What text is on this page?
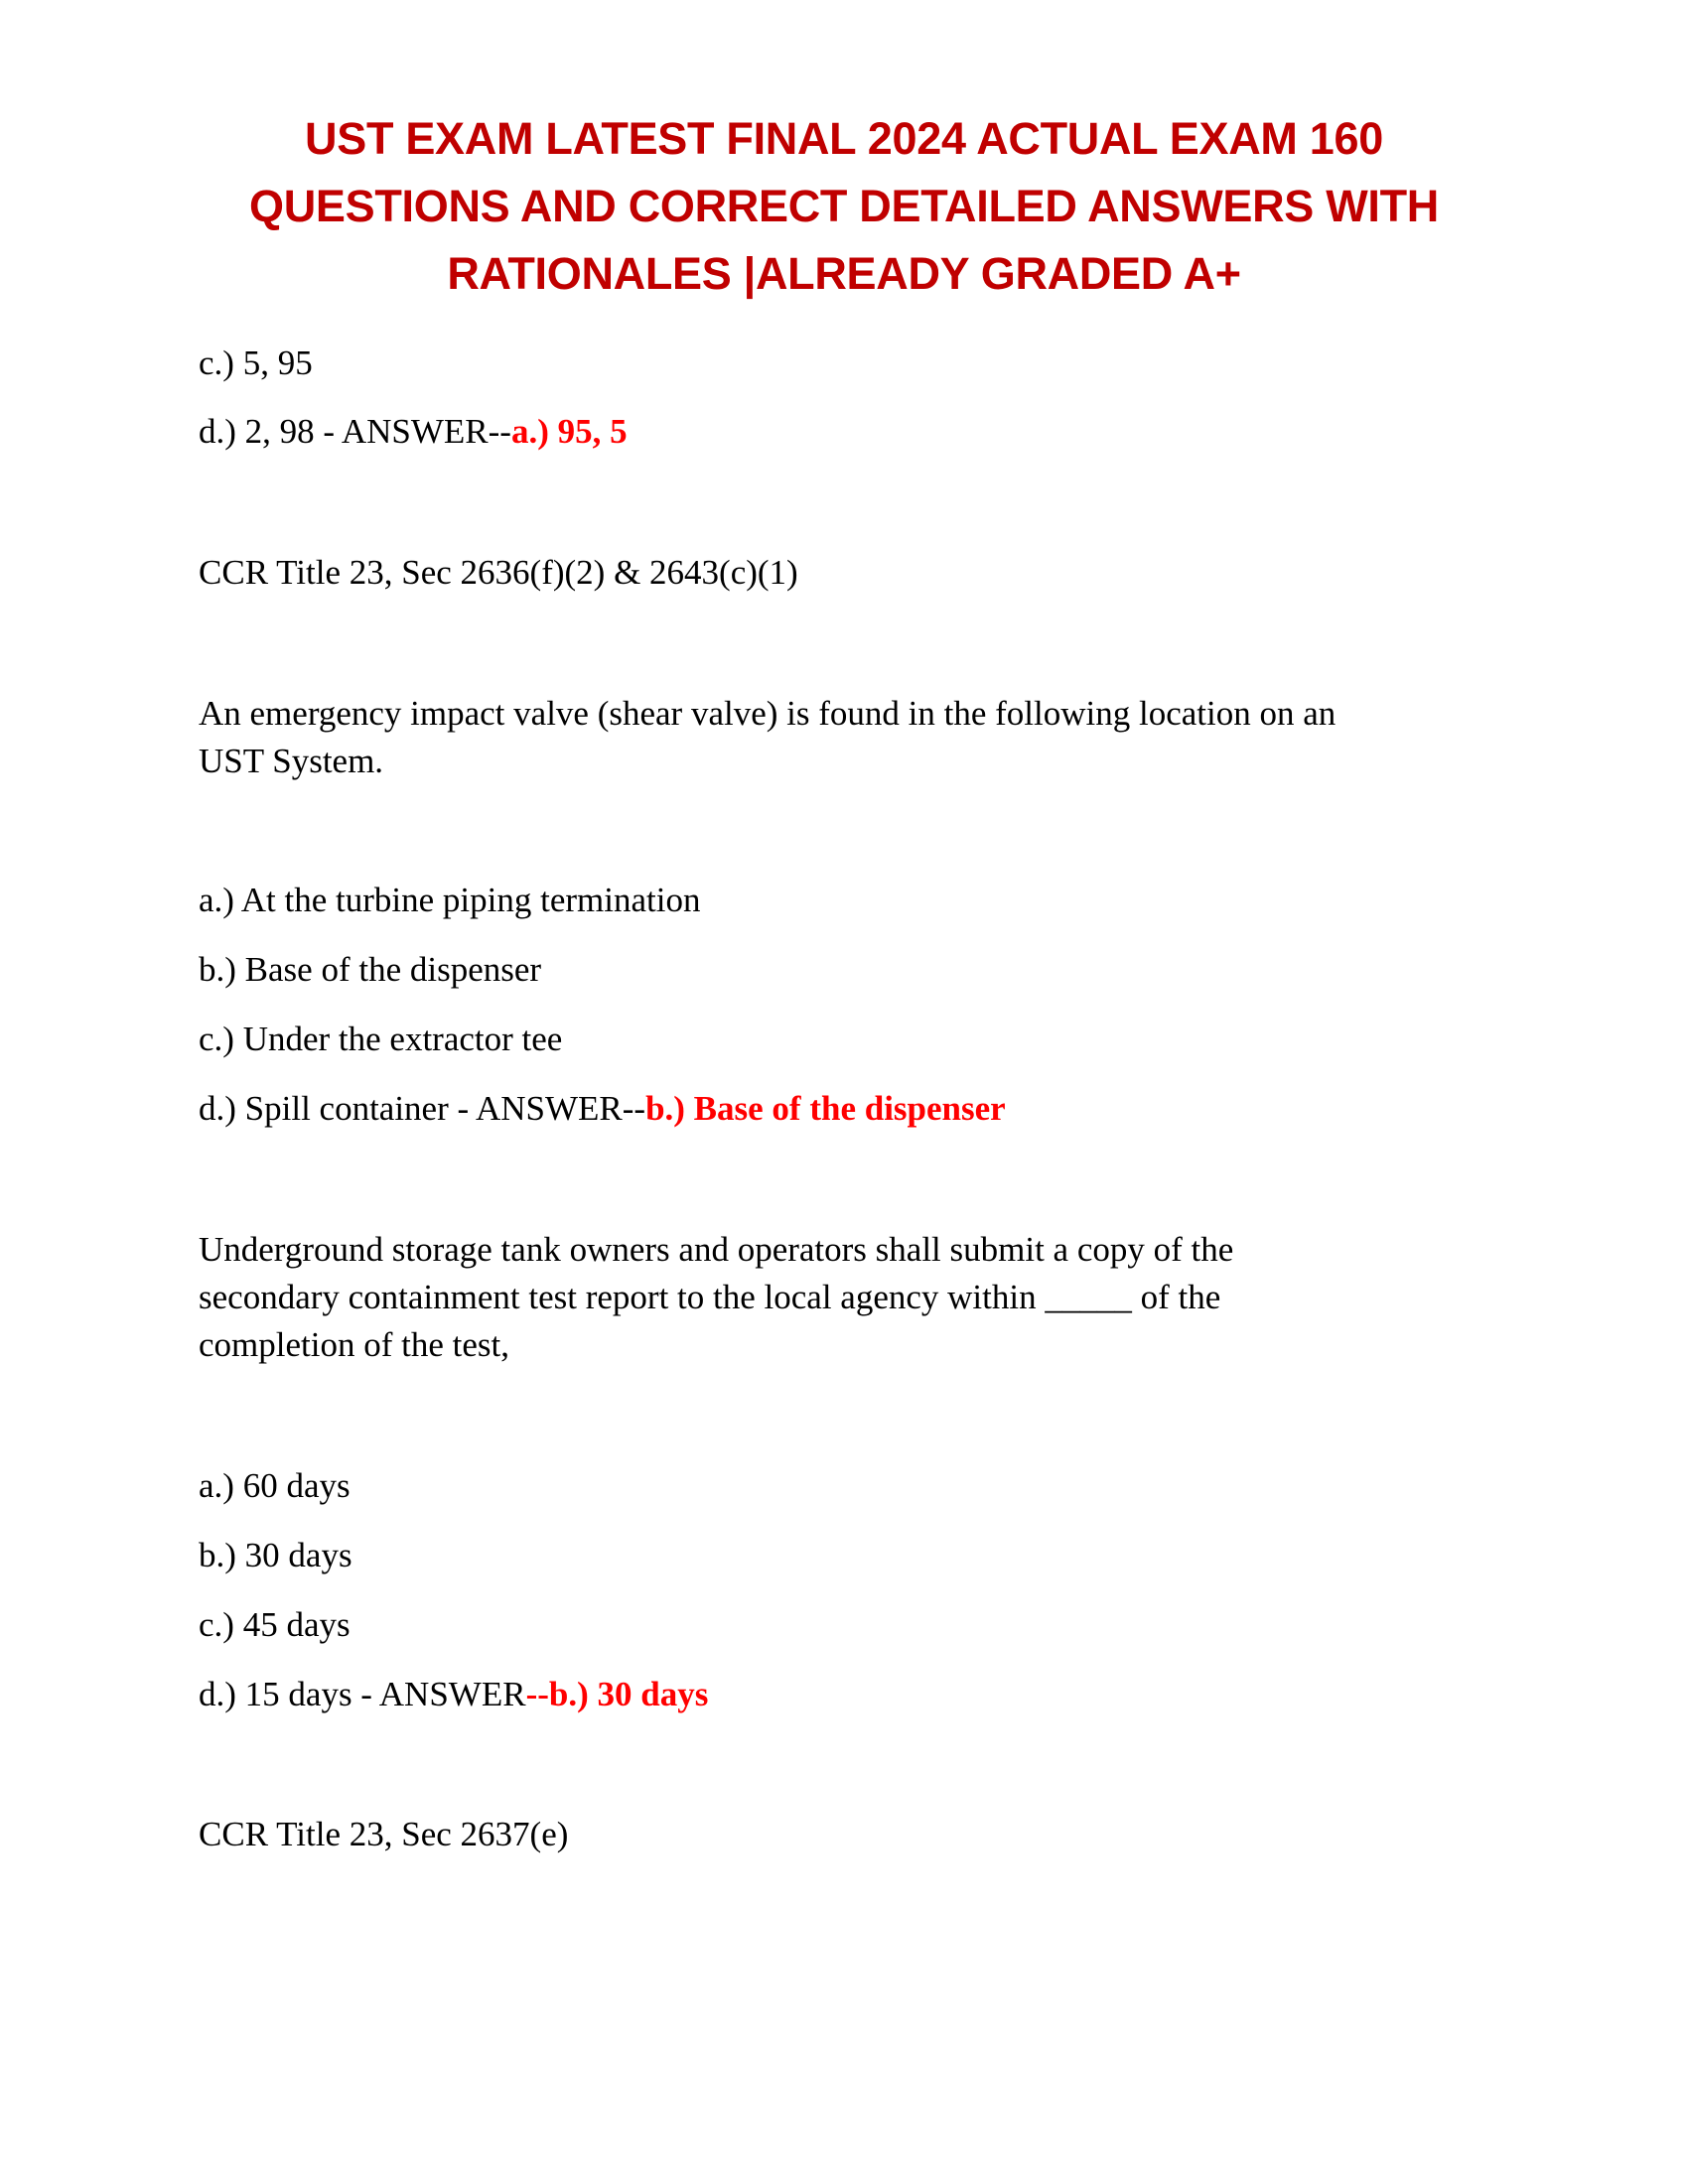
UST EXAM LATEST FINAL 2024 ACTUAL EXAM 160
QUESTIONS AND CORRECT DETAILED ANSWERS WITH
RATIONALES |ALREADY GRADED A+
c.) 5, 95
d.) 2, 98 - ANSWER--a.) 95, 5
CCR Title 23, Sec 2636(f)(2) & 2643(c)(1)
An emergency impact valve (shear valve) is found in the following location on an
UST System.
a.) At the turbine piping termination
b.) Base of the dispenser
c.) Under the extractor tee
d.) Spill container - ANSWER--b.) Base of the dispenser
Underground storage tank owners and operators shall submit a copy of the
secondary containment test report to the local agency within _____ of the
completion of the test,
a.) 60 days
b.) 30 days
c.) 45 days
d.) 15 days - ANSWER--b.) 30 days
CCR Title 23, Sec 2637(e)
